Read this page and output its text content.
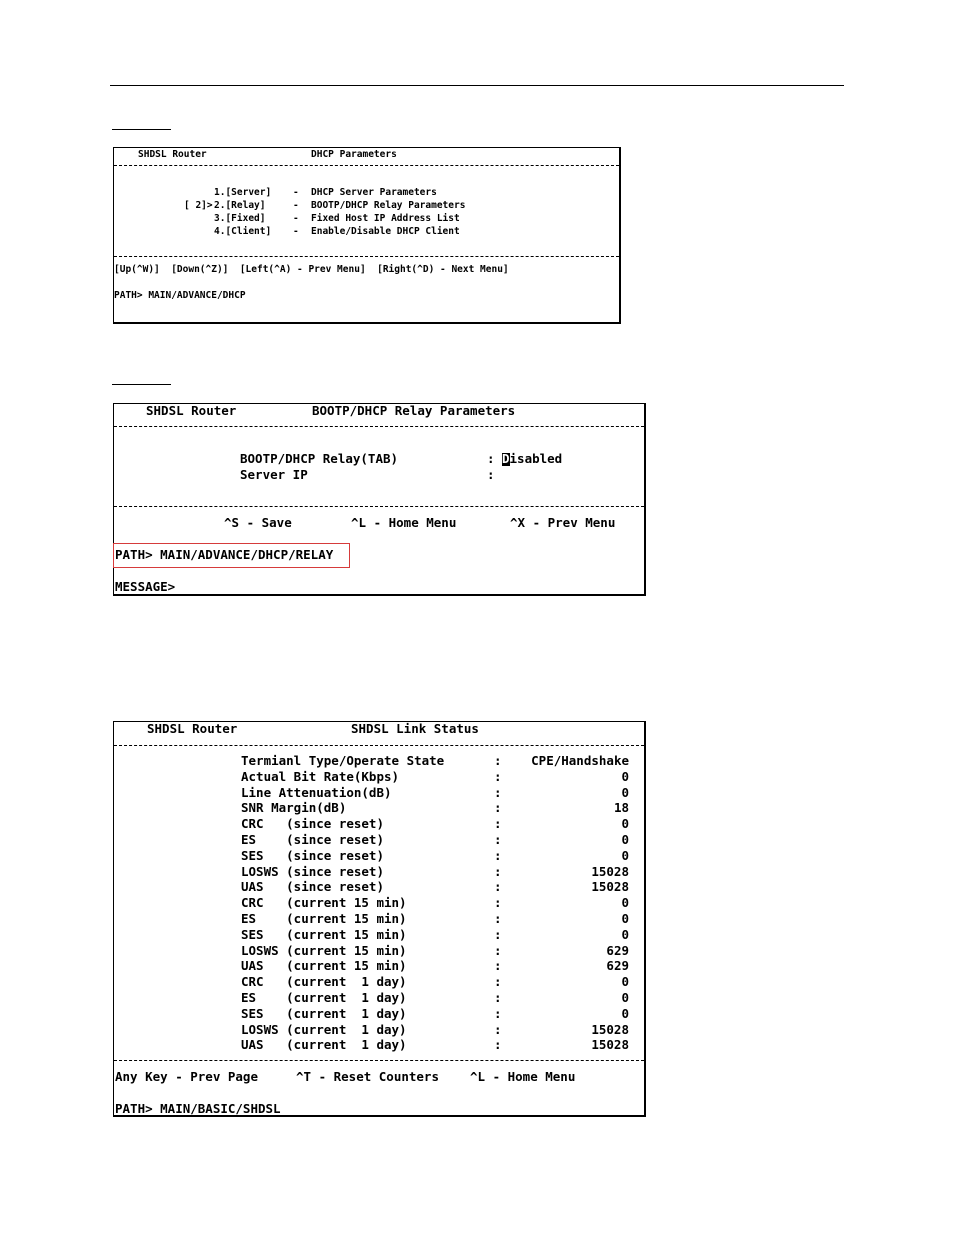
SHDSL Router	DHCP Parameters
1.[Server] - DHCP Server Parameters
[ 2]> 2.[Relay]	- BOOTP/DHCP Relay Parameters
3.[Fixed]	- Fixed Host IP Address List
4.[Client] - Enable/Disable DHCP Client
[Up(^W)]  [Down(^Z)]  [Left(^A) - Prev Menu]  [Right(^D) - Next Menu]
PATH> MAIN/ADVANCE/DHCP
SHDSL Router	BOOTP/DHCP Relay Parameters
BOOTP/DHCP Relay(TAB)	: Disabled
Server IP	:
^S - Save	^L - Home Menu	^X - Prev Menu
PATH> MAIN/ADVANCE/DHCP/RELAY
MESSAGE>
SHDSL Router	SHDSL Link Status
Termianl Type/Operate State	: CPE/Handshake
Actual Bit Rate(Kbps)	:	0
Line Attenuation(dB)	:	0
SNR Margin(dB)	:	18
CRC   (since reset)	:	0
ES    (since reset)	:	0
SES   (since reset)	:	0
LOSWS (since reset)	:	15028
UAS   (since reset)	:	15028
CRC   (current 15 min)	:	0
ES    (current 15 min)	:	0
SES   (current 15 min)	:	0
LOSWS (current 15 min)	:	629
UAS   (current 15 min)	:	629
CRC   (current  1 day)	:	0
ES    (current  1 day)	:	0
SES   (current  1 day)	:	0
LOSWS (current  1 day)	:	15028
UAS   (current  1 day)	:	15028
Any Key - Prev Page	^T - Reset Counters ^L - Home Menu
PATH> MAIN/BASIC/SHDSL
